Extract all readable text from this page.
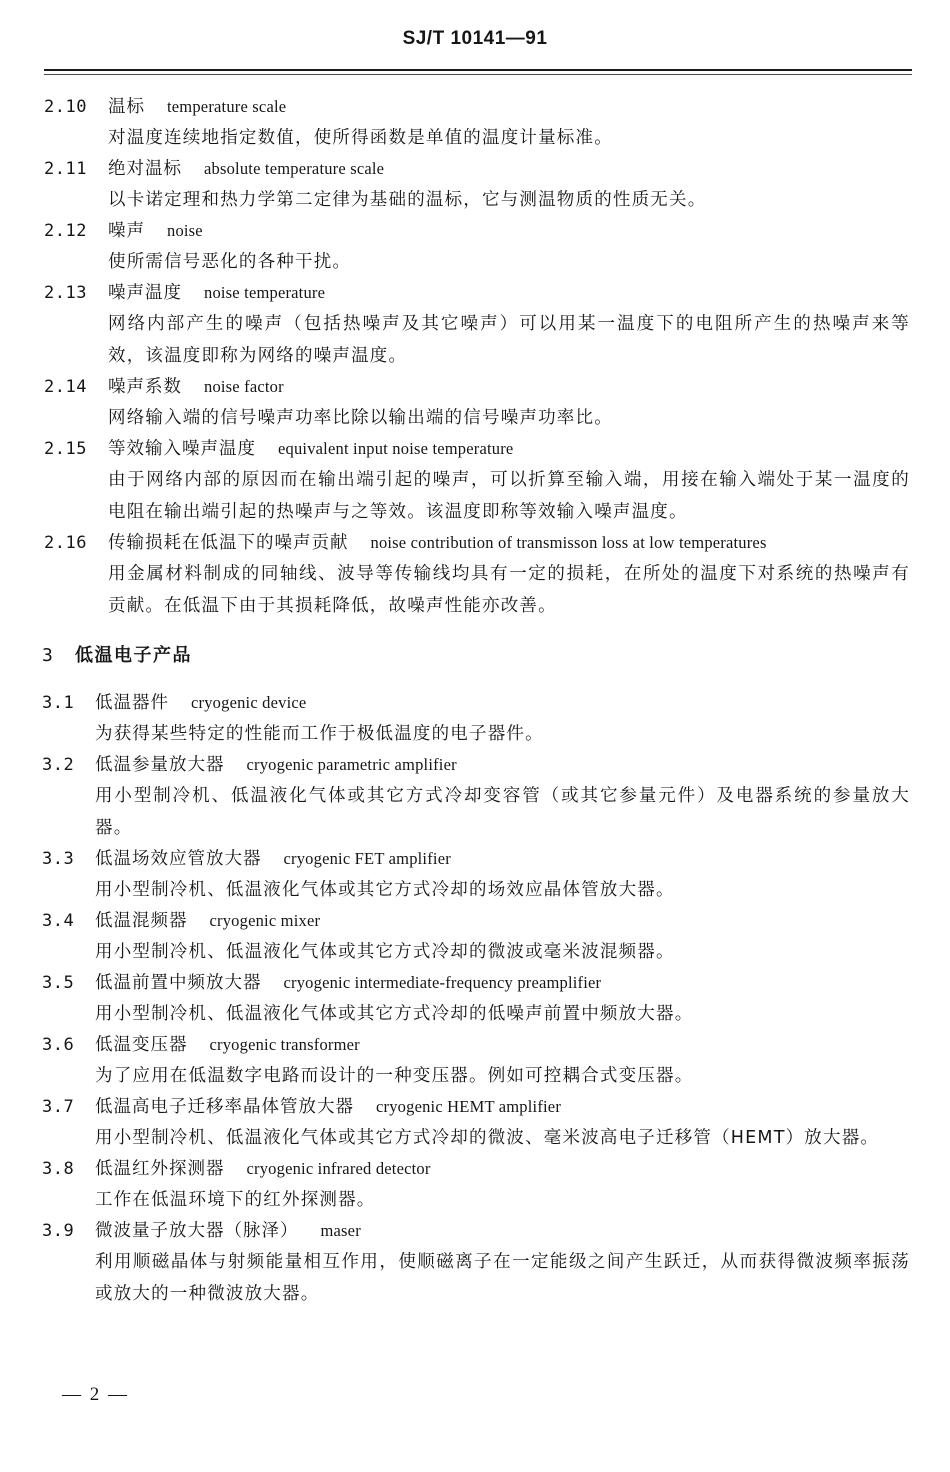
SJ/T 10141—91
2.10 温标 temperature scale

对温度连续地指定数值，使所得函数是单值的温度计量标准。

2.11 绝对温标 absolute temperature scale

以卡诺定理和热力学第二定律为基础的温标，它与测温物质的性质无关。

2.12 噪声 noise

使所需信号恶化的各种干扰。

2.13 噪声温度 noise temperature

网络内部产生的噪声（包括热噪声及其它噪声）可以用某一温度下的电阻所产生的热噪声来等效，该温度即称为网络的噪声温度。

2.14 噪声系数 noise factor

网络输入端的信号噪声功率比除以输出端的信号噪声功率比。

2.15 等效输入噪声温度 equivalent input noise temperature

由于网络内部的原因而在输出端引起的噪声，可以折算至输入端，用接在输入端处于某一温度的电阻在输出端引起的热噪声与之等效。该温度即称等效输入噪声温度。

2.16 传输损耗在低温下的噪声贡献 noise contribution of transmisson loss at low temperatures

用金属材料制成的同轴线、波导等传输线均具有一定的损耗，在所处的温度下对系统的热噪声有贡献。在低温下由于其损耗降低，故噪声性能亦改善。

3 低温电子产品
3.1 低温器件 cryogenic device

为获得某些特定的性能而工作于极低温度的电子器件。

3.2 低温参量放大器 cryogenic parametric amplifier

用小型制冷机、低温液化气体或其它方式冷却变容管（或其它参量元件）及电器系统的参量放大器。

3.3 低温场效应管放大器 cryogenic FET amplifier

用小型制冷机、低温液化气体或其它方式冷却的场效应晶体管放大器。

3.4 低温混频器 cryogenic mixer

用小型制冷机、低温液化气体或其它方式冷却的微波或毫米波混频器。

3.5 低温前置中频放大器 cryogenic intermediate-frequency preamplifier

用小型制冷机、低温液化气体或其它方式冷却的低噪声前置中频放大器。

3.6 低温变压器 cryogenic transformer

为了应用在低温数字电路而设计的一种变压器。例如可控耦合式变压器。

3.7 低温高电子迁移率晶体管放大器 cryogenic HEMT amplifier

用小型制冷机、低温液化气体或其它方式冷却的微波、毫米波高电子迁移管（HEMT）放大器。

3.8 低温红外探测器 cryogenic infrared detector

工作在低温环境下的红外探测器。

3.9 微波量子放大器（脉泽） maser

利用顺磁晶体与射频能量相互作用，使顺磁离子在一定能级之间产生跃迁，从而获得微波频率振荡或放大的一种微波放大器。

— 2 —
